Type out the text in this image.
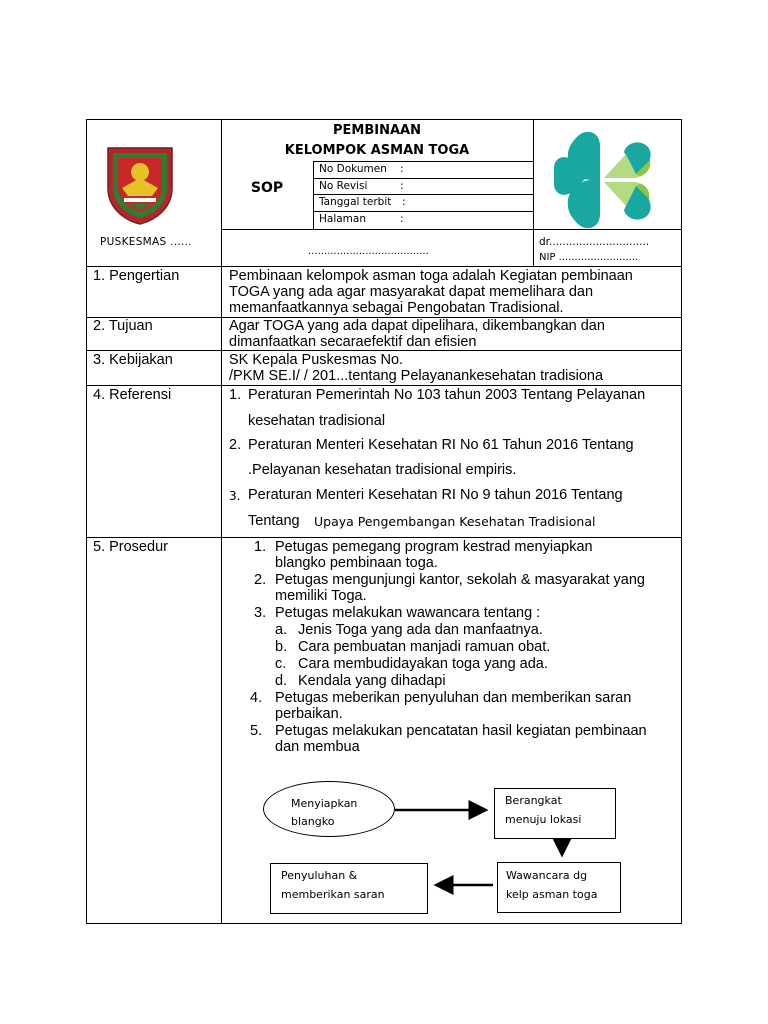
.
PUSKESMAS ......
PEMBINAAN
KELOMPOK ASMAN TOGA
SOP
No Dokumen :
No Revisi	:
Tanggal terbit :
Halaman	:
......................................
dr..............................
NIP .........................
1. Pengertian	Pembinaan kelompok asman toga adalah Kegiatan pembinaan
TOGA yang ada agar masyarakat dapat memelihara dan
memanfaatkannya sebagai Pengobatan Tradisional.
2. Tujuan	Agar TOGA yang ada dapat dipelihara, dikembangkan dan
dimanfaatkan secaraefektif dan efisien
3. Kebijakan	SK Kepala Puskesmas No.
/PKM SE.I/ / 201...tentang Pelayanankesehatan tradisiona
4. Referensi	1. Peraturan Pemerintah No 103 tahun 2003 Tentang Pelayanan
kesehatan tradisional
2. Peraturan Menteri Kesehatan RI No 61 Tahun 2016 Tentang
.Pelayanan kesehatan tradisional empiris.
3. Peraturan Menteri Kesehatan RI No 9 tahun 2016 Tentang
Tentang Upaya Pengembangan Kesehatan Tradisional
5. Prosedur	1. Petugas pemegang program kestrad menyiapkan
blangko pembinaan toga.
2. Petugas mengunjungi kantor, sekolah & masyarakat yang
memiliki Toga.
3. Petugas melakukan wawancara tentang :
a. Jenis Toga yang ada dan manfaatnya.
b. Cara pembuatan manjadi ramuan obat.
c. Cara membudidayakan toga yang ada.
d. Kendala yang dihadapi
4. Petugas meberikan penyuluhan dan memberikan saran
perbaikan.
5. Petugas melakukan pencatatan hasil kegiatan pembinaan
dan membua
Menyiapkan
blangko
Berangkat
menuju lokasi
Wawancara dg
kelp asman toga
Penyuluhan &
memberikan saran
